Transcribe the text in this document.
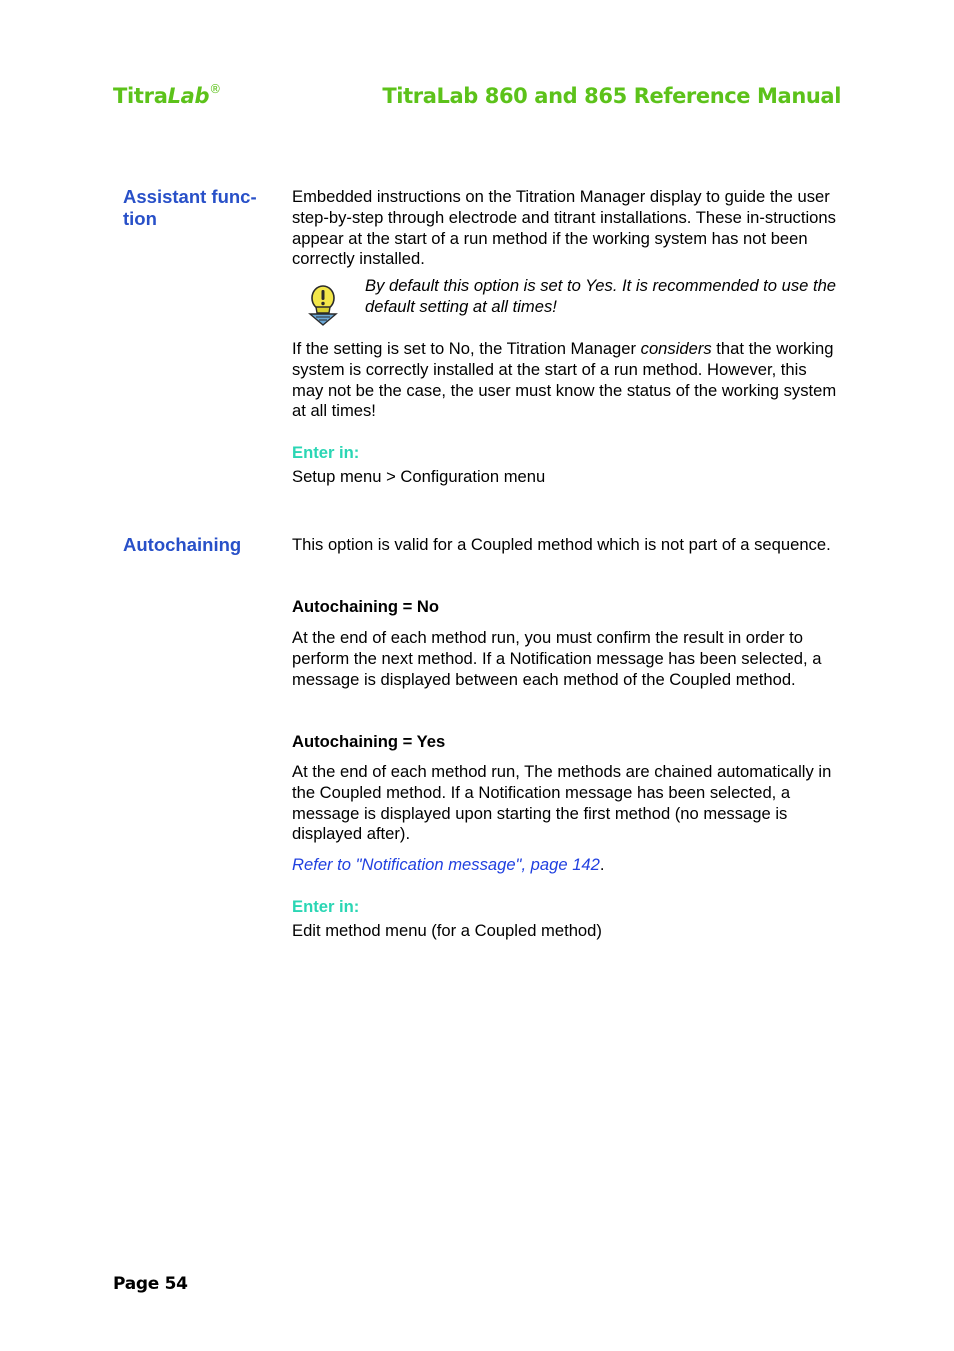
TitraLab®	TitraLab 860 and 865 Reference Manual
Assistant func-
tion
Embedded instructions on the Titration Manager display to guide the user step-by-step through electrode and titrant installations. These in-structions appear at the start of a run method if the working system has not been correctly installed.
By default this option is set to Yes. It is recommended to use the default setting at all times!
If the setting is set to No, the Titration Manager considers that the working system is correctly installed at the start of a run method. However, this may not be the case, the user must know the status of the working system at all times!
Enter in:
Setup menu > Configuration menu
Autochaining	This option is valid for a Coupled method which is not part of a sequence.
Autochaining = No
At the end of each method run, you must confirm the result in order to perform the next method. If a Notification message has been selected, a message is displayed between each method of the Coupled method.
Autochaining = Yes
At the end of each method run, The methods are chained automatically in the Coupled method. If a Notification message has been selected, a message is displayed upon starting the first method (no message is displayed after).
Refer to "Notification message", page 142.
Enter in:
Edit method menu (for a Coupled method)
Page 54
